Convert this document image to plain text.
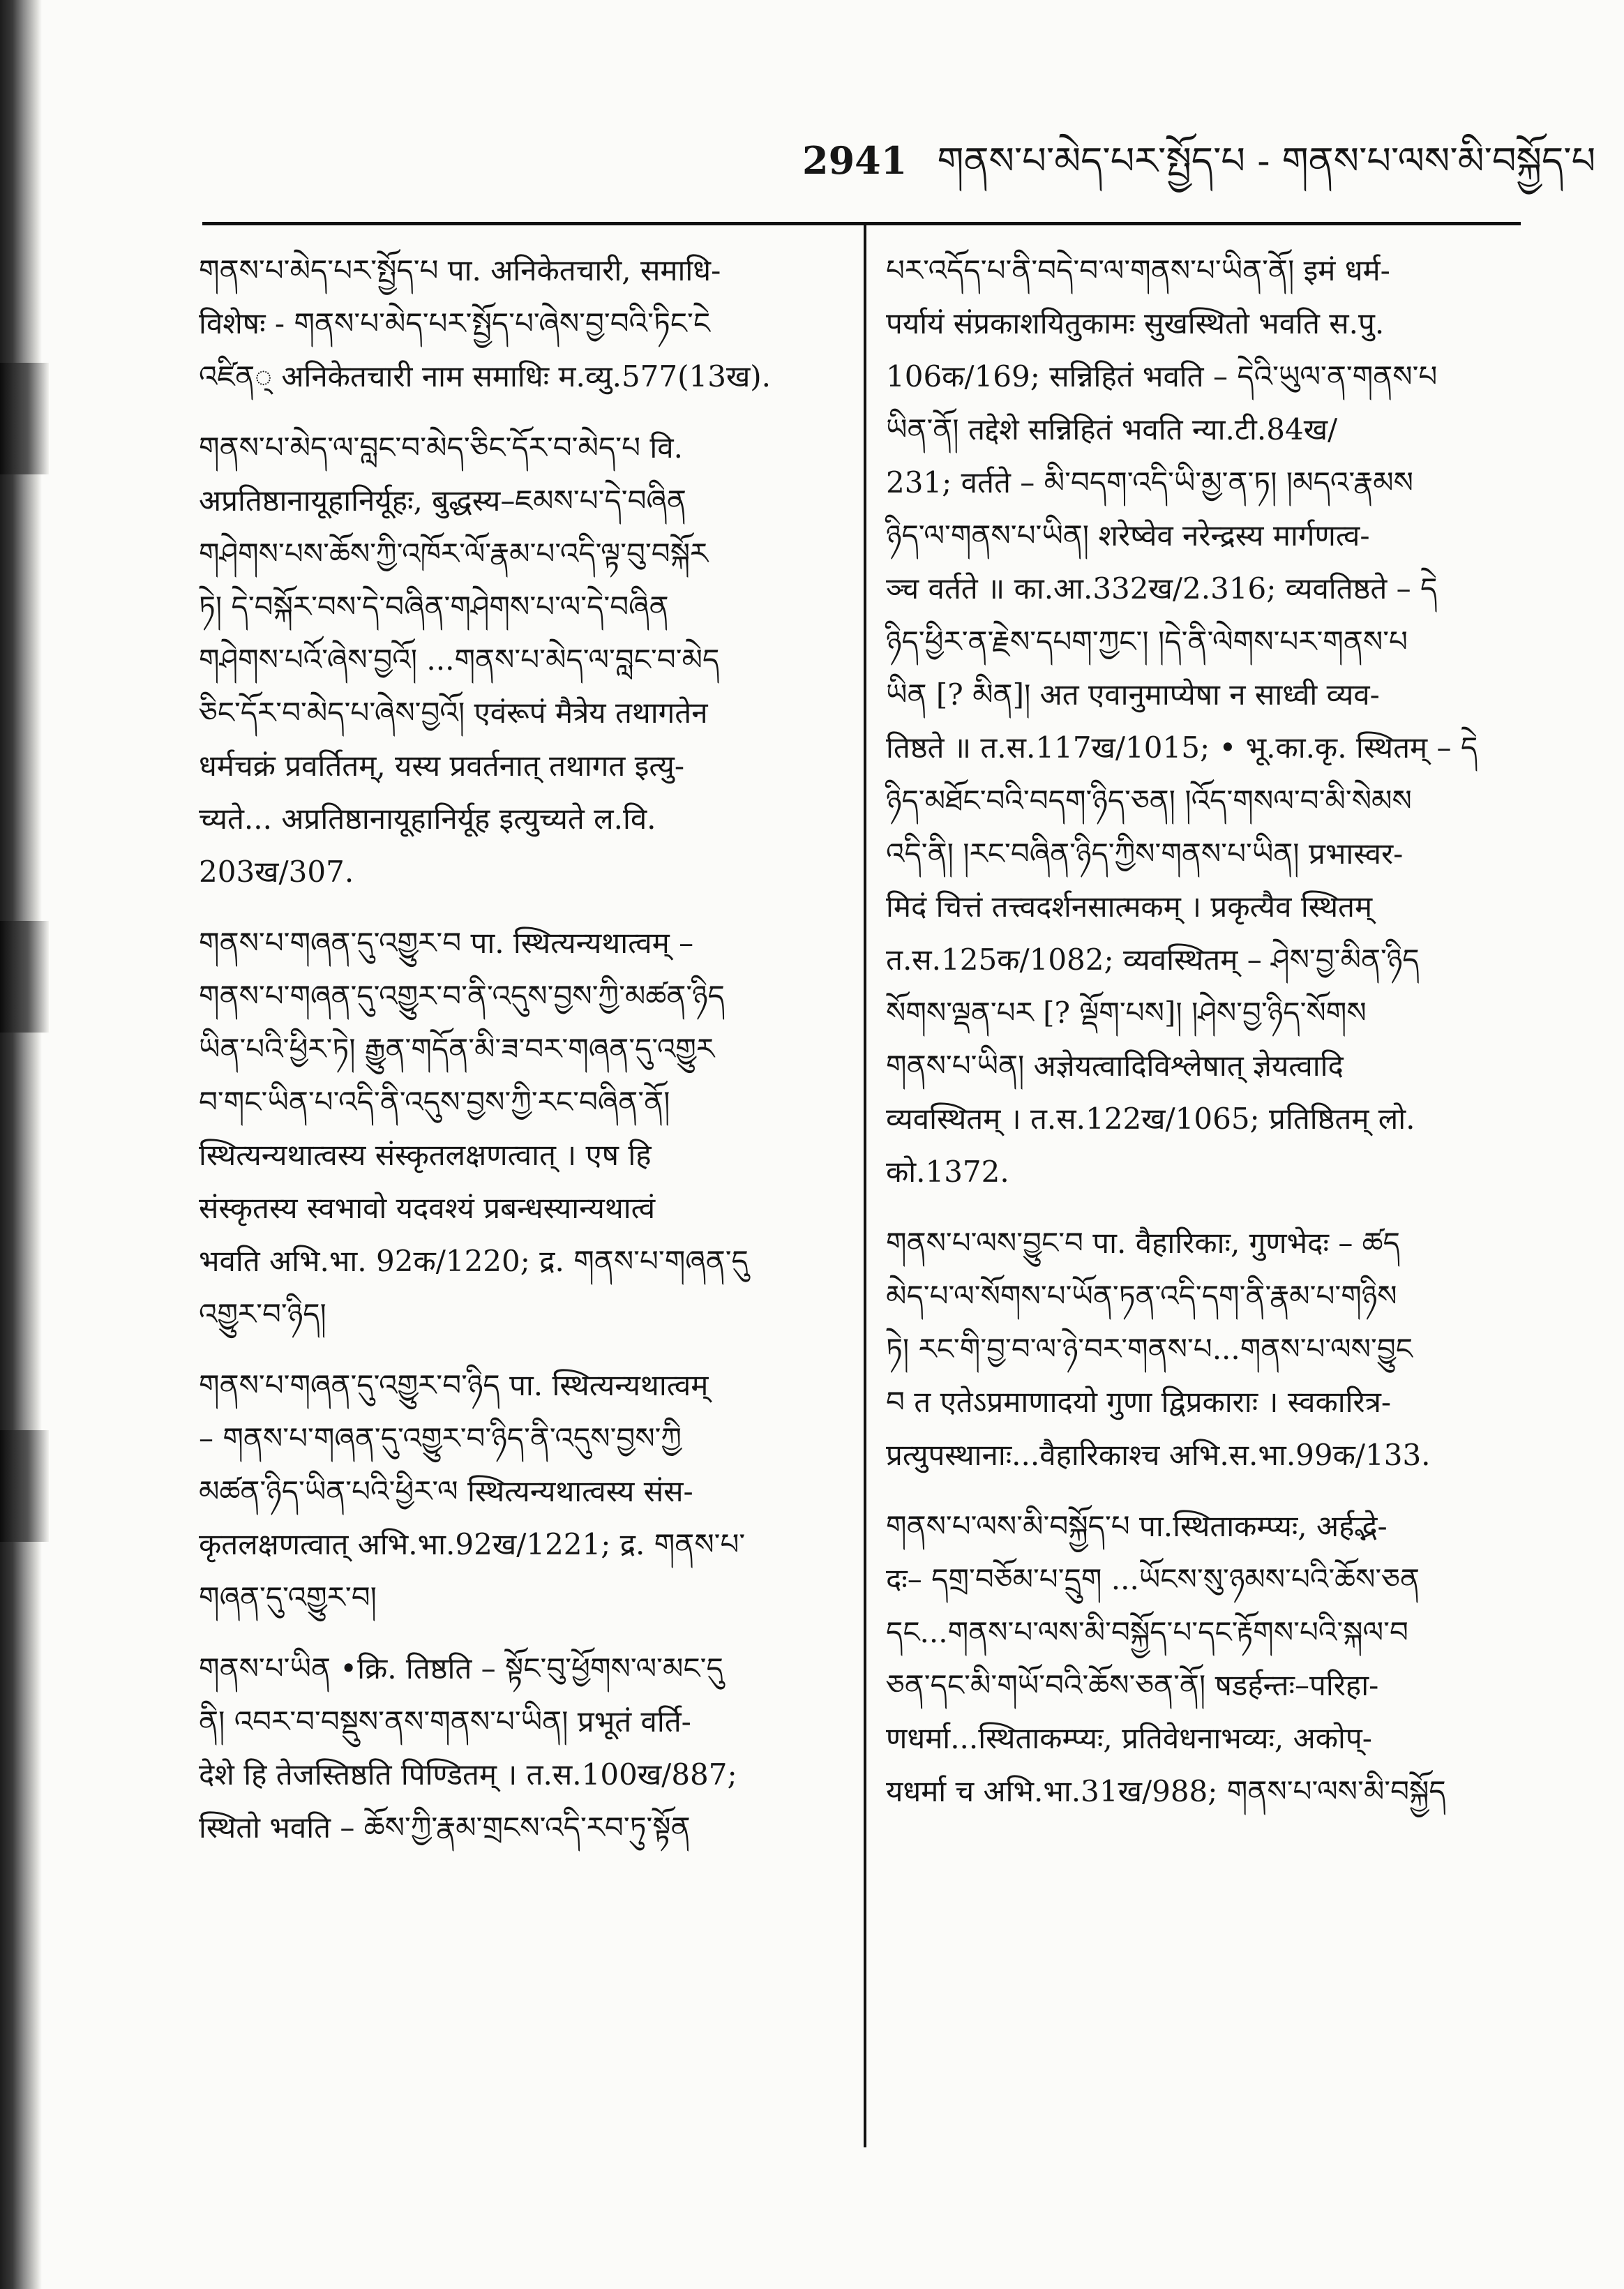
2941 གནས་པ་མེད་པར་སྤྱོད་པ - གནས་པ་ལས་མི་བསྐྱོད་པ
གནས་པ་མེད་པར་སྤྱོད་པ पा. अनिकेतचारी, समाधि-
विशेषः - གནས་པ་མེད་པར་སྤྱོད་པ་ཞེས་བྱ་བའི་ཏིང་ངེ
འཛིན् अनिकेतचारी नाम समाधिः म.व्यु.577(13ख).
གནས་པ་མེད་ལ་བླང་བ་མེད་ཅིང་དོར་བ་མེད་པ वि.
अप्रतिष्ठानायूहानिर्यूहः, बुद्धस्य–ཇམས་པ་དེ་བཞིན
གཤེགས་པས་ཆོས་ཀྱི་འཁོར་ལོ་རྣམ་པ་འདི་ལྟ་བུ་བསྐོར
ཏེ། དེ་བསྐོར་བས་དེ་བཞིན་གཤེགས་པ་ལ་དེ་བཞིན
གཤེགས་པའོ་ཞེས་བྱའོ། ...གནས་པ་མེད་ལ་བླང་བ་མེད
ཅིང་དོར་བ་མེད་པ་ཞེས་བྱའོ། एवंरूपं मैत्रेय तथागतेन
धर्मचक्रं प्रवर्तितम्, यस्य प्रवर्तनात् तथागत इत्यु-
च्यते... अप्रतिष्ठानायूहानिर्यूह इत्युच्यते ल.वि.
203ख/307.
གནས་པ་གཞན་དུ་འགྱུར་བ पा. स्थित्यन्यथात्वम् –
གནས་པ་གཞན་དུ་འགྱུར་བ་ནི་འདུས་བྱས་ཀྱི་མཚན་ཉིད
ཡིན་པའི་ཕྱིར་ཏེ། རྒྱུན་གདོན་མི་ཟ་བར་གཞན་དུ་འགྱུར
བ་གང་ཡིན་པ་འདི་ནི་འདུས་བྱས་ཀྱི་རང་བཞིན་ནོ།
स्थित्यन्यथात्वस्य संस्कृतलक्षणत्वात् । एष हि
संस्कृतस्य स्वभावो यदवश्यं प्रबन्धस्यान्यथात्वं
भवति अभि.भा. 92क/1220; द्र. གནས་པ་གཞན་དུ
འགྱུར་བ་ཉིད།
གནས་པ་གཞན་དུ་འགྱུར་བ་ཉིད पा. स्थित्यन्यथात्वम्
– གནས་པ་གཞན་དུ་འགྱུར་བ་ཉིད་ནི་འདུས་བྱས་ཀྱི
མཚན་ཉིད་ཡིན་པའི་ཕྱིར་ལ स्थित्यन्यथात्वस्य संस-
कृतलक्षणत्वात् अभि.भा.92ख/1221; द्र. གནས་པ་
གཞན་དུ་འགྱུར་བ།
གནས་པ་ཡིན •क्रि. तिष्ठति – སྟོང་བུ་ཕྱོགས་ལ་མང་དུ
ནི། འབར་བ་བསྡུས་ནས་གནས་པ་ཡིན། प्रभूतं वर्ति-
देशे हि तेजस्तिष्ठति पिण्डितम् । त.स.100ख/887;
स्थितो भवति – ཆོས་ཀྱི་རྣམ་གྲངས་འདི་རབ་ཏུ་སྟོན
པར་འདོད་པ་ནི་བདེ་བ་ལ་གནས་པ་ཡིན་ནོ། इमं धर्म-
पर्यायं संप्रकाशयितुकामः सुखस्थितो भवति स.पु.
106क/169; सन्निहितं भवति – དེའི་ཡུལ་ན་གནས་པ
ཡིན་ནོ། तद्देशे सन्निहितं भवति न्या.टी.84ख/
231; वर्तते – མི་བདག་འདི་ཡི་མྱ་ན་ཏ། །མདའ་རྣམས
ཉིད་ལ་གནས་པ་ཡིན། शरेष्वेव नरेन्द्रस्य मार्गणत्व-
ञ्च वर्तते ॥ का.आ.332ख/2.316; व्यवतिष्ठते – དེ
ཉིད་ཕྱིར་ན་རྗེས་དཔག་ཀྱང་། །དེ་ནི་ལེགས་པར་གནས་པ
ཡིན [? མིན]། अत एवानुमाप्येषा न साध्वी व्यव-
तिष्ठते ॥ त.स.117ख/1015; • भू.का.कृ. स्थितम् – དེ
ཉིད་མཐོང་བའི་བདག་ཉིད་ཅན། །འོད་གསལ་བ་མི་སེམས
འདི་ནི། །རང་བཞིན་ཉིད་ཀྱིས་གནས་པ་ཡིན། प्रभास्वर-
मिदं चित्तं तत्त्वदर्शनसात्मकम् । प्रकृत्यैव स्थितम्
त.स.125क/1082; व्यवस्थितम् – ཤེས་བྱ་མིན་ཉིད
སོགས་ལྡན་པར [? ལྡོག་པས]། །ཤེས་བྱ་ཉིད་སོགས
གནས་པ་ཡིན། अज्ञेयत्वादिविश्लेषात् ज्ञेयत्वादि
व्यवस्थितम् । त.स.122ख/1065; प्रतिष्ठितम् लो.
को.1372.
གནས་པ་ལས་བྱུང་བ पा. वैहारिकाः, गुणभेदः – ཚད
མེད་པ་ལ་སོགས་པ་ཡོན་ཏན་འདི་དག་ནི་རྣམ་པ་གཉིས
ཏེ། རང་གི་བྱ་བ་ལ་ཉེ་བར་གནས་པ...གནས་པ་ལས་བྱུང
བ त एतेऽप्रमाणादयो गुणा द्विप्रकाराः । स्वकारित्र-
प्रत्युपस्थानाः...वैहारिकाश्च अभि.स.भा.99क/133.
གནས་པ་ལས་མི་བསྐྱོད་པ पा.स्थिताकम्प्यः, अर्हद्भे-
दः– དགྲ་བཅོམ་པ་དྲུག ...ཡོངས་སུ་ཉམས་པའི་ཆོས་ཅན
དང...གནས་པ་ལས་མི་བསྐྱོད་པ་དང་རྟོགས་པའི་སྐལ་བ
ཅན་དང་མི་གཡོ་བའི་ཆོས་ཅན་ནོ། षडर्हन्तः–परिहा-
णधर्मा...स्थिताकम्प्यः, प्रतिवेधनाभव्यः, अकोप्-
यधर्मा च अभि.भा.31ख/988; གནས་པ་ལས་མི་བསྐྱོད
